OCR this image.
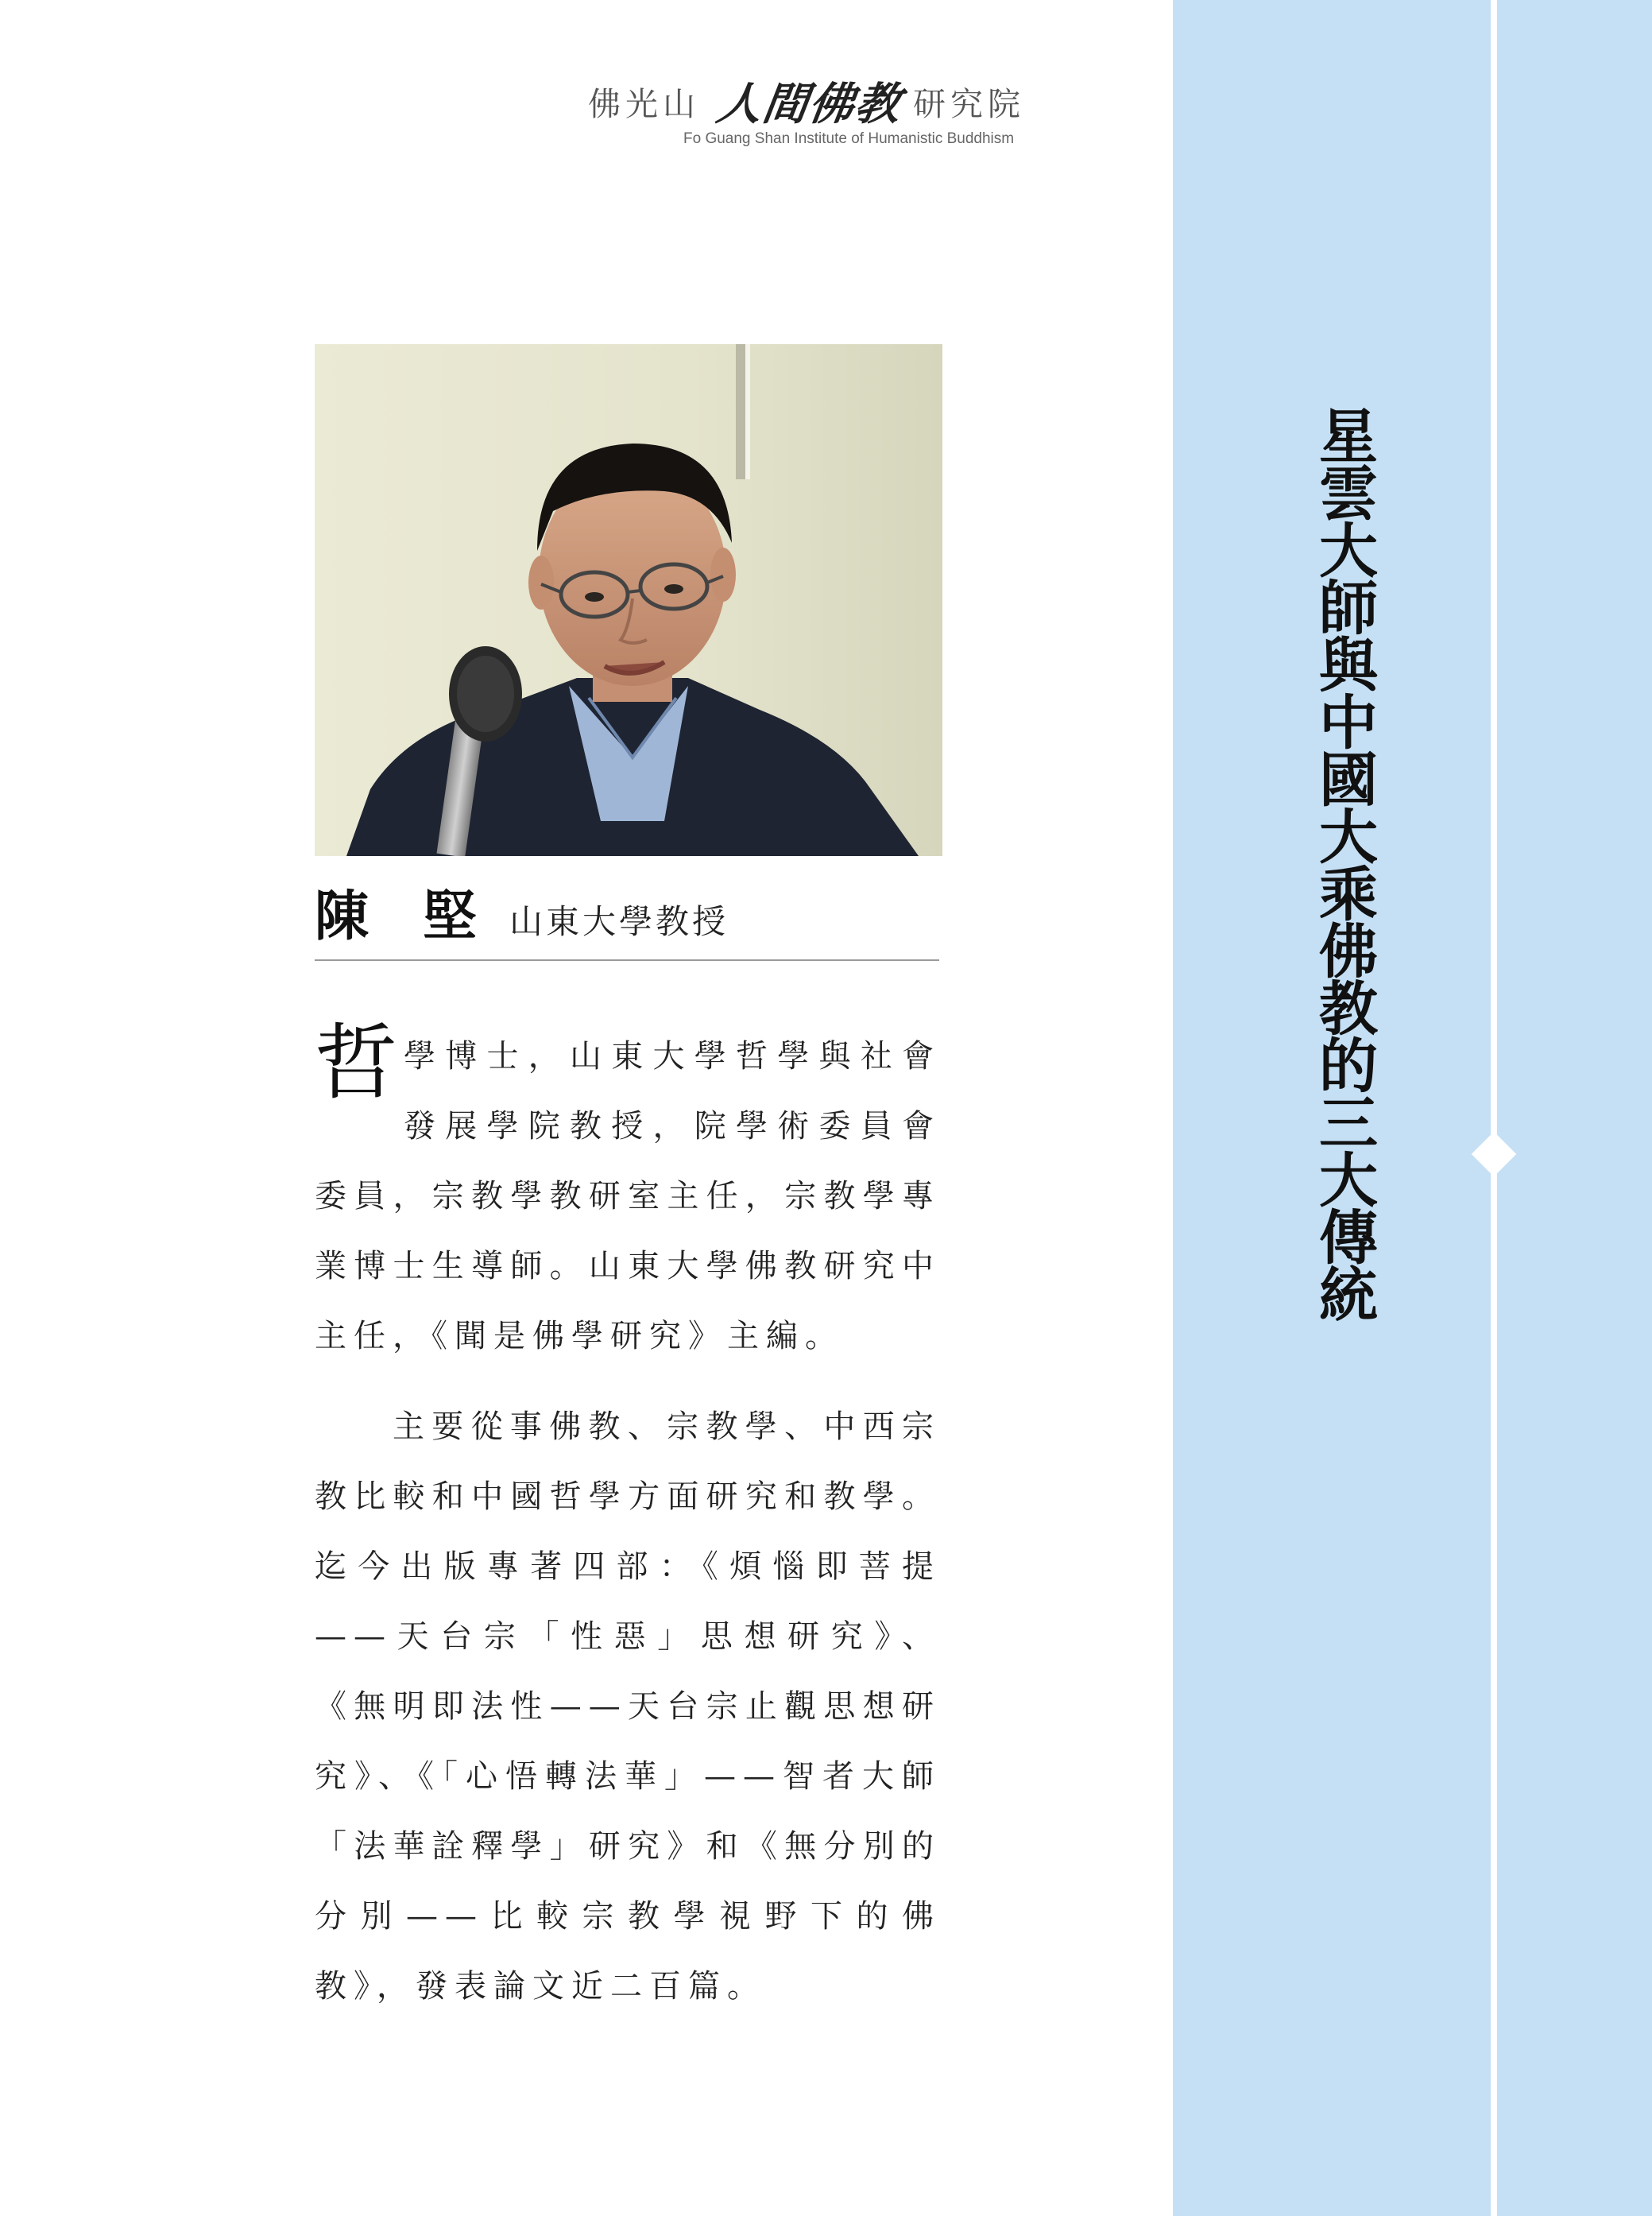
佛光山 人間佛教 研究院
Fo Guang Shan Institute of Humanistic Buddhism
陳堅
山東大學教授

哲學博士，山東大學哲學與社會發展學院教授，院學術委員會委員，宗教學教研室主任，宗教學專業博士生導師。山東大學佛教研究中主任，《聞是佛學研究》主編。

主要從事佛教、宗教學、中西宗教比較和中國哲學方面研究和教學。迄今出版專著四部：《煩惱即菩提——天台宗「性惡」思想研究》、《無明即法性——天台宗止觀思想研究》、《「心悟轉法華」——智者大師「法華詮釋學」研究》和《無分別的分別——比較宗教學視野下的佛教》，發表論文近二百篇。

星雲大師與中國大乘佛教的三大傳統
